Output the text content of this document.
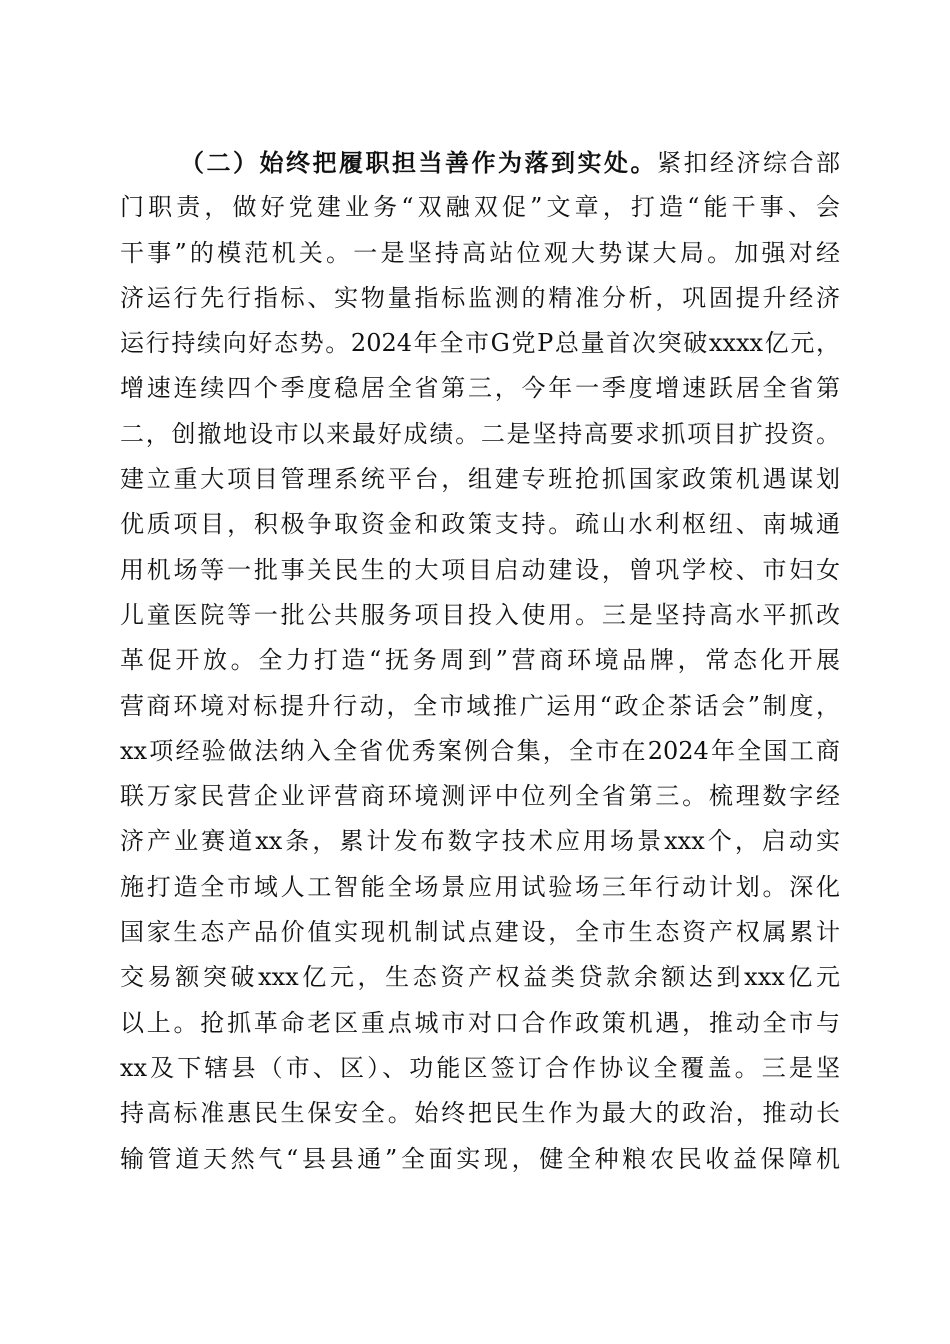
（二）始终把履职担当善作为落到实处。紧扣经济综合部
门职责，做好党建业务“双融双促”文章，打造“能干事、会
干事”的模范机关。一是坚持高站位观大势谋大局。加强对经
济运行先行指标、实物量指标监测的精准分析，巩固提升经济
运行持续向好态势。2024年全市G党P总量首次突破xxxx亿元，
增速连续四个季度稳居全省第三，今年一季度增速跃居全省第
二，创撤地设市以来最好成绩。二是坚持高要求抓项目扩投资。
建立重大项目管理系统平台，组建专班抢抓国家政策机遇谋划
优质项目，积极争取资金和政策支持。疏山水利枢纽、南城通
用机场等一批事关民生的大项目启动建设，曾巩学校、市妇女
儿童医院等一批公共服务项目投入使用。三是坚持高水平抓改
革促开放。全力打造“抚务周到”营商环境品牌，常态化开展
营商环境对标提升行动，全市域推广运用“政企茶话会”制度，
xx项经验做法纳入全省优秀案例合集，全市在2024年全国工商
联万家民营企业评营商环境测评中位列全省第三。梳理数字经
济产业赛道xx条，累计发布数字技术应用场景xxx个，启动实
施打造全市域人工智能全场景应用试验场三年行动计划。深化
国家生态产品价值实现机制试点建设，全市生态资产权属累计
交易额突破xxx亿元，生态资产权益类贷款余额达到xxx亿元
以上。抢抓革命老区重点城市对口合作政策机遇，推动全市与
xx及下辖县（市、区）、功能区签订合作协议全覆盖。三是坚
持高标准惠民生保安全。始终把民生作为最大的政治，推动长
输管道天然气“县县通”全面实现，健全种粮农民收益保障机
